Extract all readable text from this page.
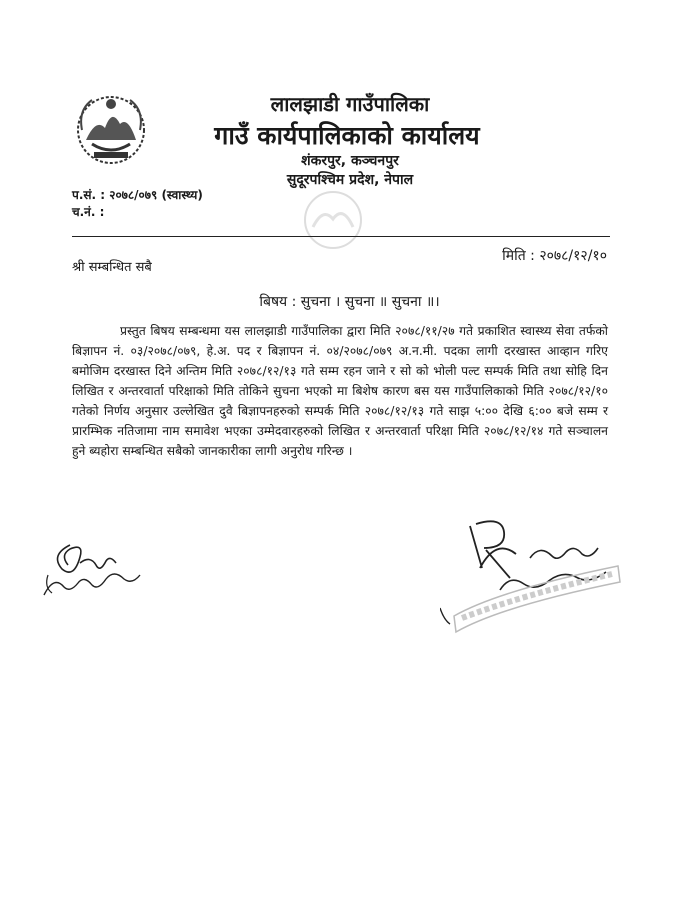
लालझाडी गाउँपालिका
गाउँ कार्यपालिकाको कार्यालय
शंकरपुर, कञ्चनपुर
सुदूरपश्चिम प्रदेश, नेपाल
प.सं. : २०७८/०७९ (स्वास्थ्य)
च.नं. :
मिति : २०७८/१२/१०
श्री सम्बन्धित सबै
बिषय : सुचना । सुचना ॥ सुचना ॥।

प्रस्तुत बिषय सम्बन्धमा यस लालझाडी गाउँपालिका द्वारा मिति २०७८/११/२७ गते प्रकाशित स्वास्थ्य सेवा तर्फको बिज्ञापन नं. ०३/२०७८/०७९, हे.अ. पद र बिज्ञापन नं. ०४/२०७८/०७९ अ.न.मी. पदका लागी दरखास्त आव्हान गरिए बमोजिम दरखास्त दिने अन्तिम मिति २०७८/१२/१३ गते सम्म रहन जाने र सो को भोली पल्ट सम्पर्क मिति तथा सोहि दिन लिखित र अन्तरवार्ता परिक्षाको मिति तोकिने सुचना भएको मा बिशेष कारण बस यस गाउँपालिकाको मिति २०७८/१२/१० गतेको निर्णय अनुसार उल्लेखित दुवै बिज्ञापनहरुको सम्पर्क मिति २०७८/१२/१३ गते साझ ५:०० देखि ६:०० बजे सम्म र प्रारम्भिक नतिजामा नाम समावेश भएका उम्मेदवारहरुको लिखित र अन्तरवार्ता परिक्षा मिति २०७८/१२/१४ गते सञ्चालन हुने ब्यहोरा सम्बन्धित सबैको जानकारीका लागी अनुरोध गरिन्छ ।
